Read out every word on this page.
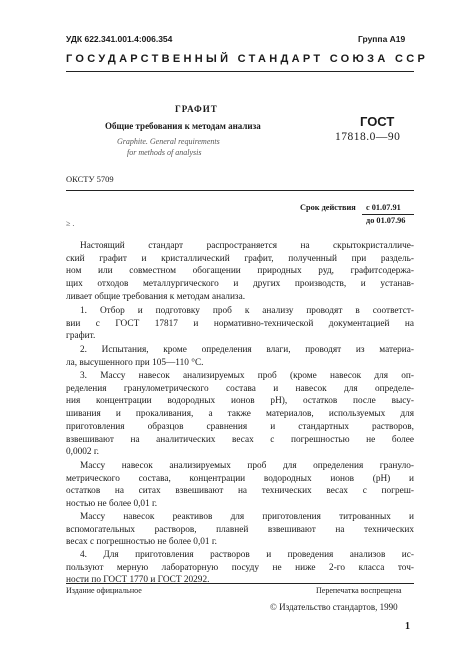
УДК 622.341.001.4:006.354	Группа А19
ГОСУДАРСТВЕННЫЙ СТАНДАРТ СОЮЗА ССР
ГРАФИТ
Общие требования к методам анализа
Graphite. General requirements
for methods of analysis
ГОСТ
17818.0—90
ОКСТУ 5709
Срок действия с 01.07.91
до 01.07.96
≥ .
Настоящий стандарт распространяется на скрытокристалличе-
ский графит и кристаллический графит, полученный при раздель-
ном или совместном обогащении природных руд, графитсодержа-
щих отходов металлургического и других производств, и устанав-
ливает общие требования к методам анализа.
1. Отбор и подготовку проб к анализу проводят в соответст-
вии с ГОСТ 17817 и нормативно-технической документацией на
графит.
2. Испытания, кроме определения влаги, проводят из материа-
ла, высушенного при 105—110 °С.
3. Массу навесок анализируемых проб (кроме навесок для оп-
ределения гранулометрического состава и навесок для определе-
ния концентрации водородных ионов рН), остатков после высу-
шивания и прокаливания, а также материалов, используемых для
приготовления образцов сравнения и стандартных растворов,
взвешивают на аналитических весах с погрешностью не более
0,0002 г.
Массу навесок анализируемых проб для определения грануло-
метрического состава, концентрации водородных ионов (рН) и
остатков на ситах взвешивают на технических весах с погреш-
ностью не более 0,01 г.
Массу навесок реактивов для приготовления титрованных и
вспомогательных растворов, плавней взвешивают на технических
весах с погрешностью не более 0,01 г.
4. Для приготовления растворов и проведения анализов ис-
пользуют мерную лабораторную посуду не ниже 2-го класса точ-
ности по ГОСТ 1770 и ГОСТ 20292.
Издание официальное	Перепечатка воспрещена
© Издательство стандартов, 1990
1
